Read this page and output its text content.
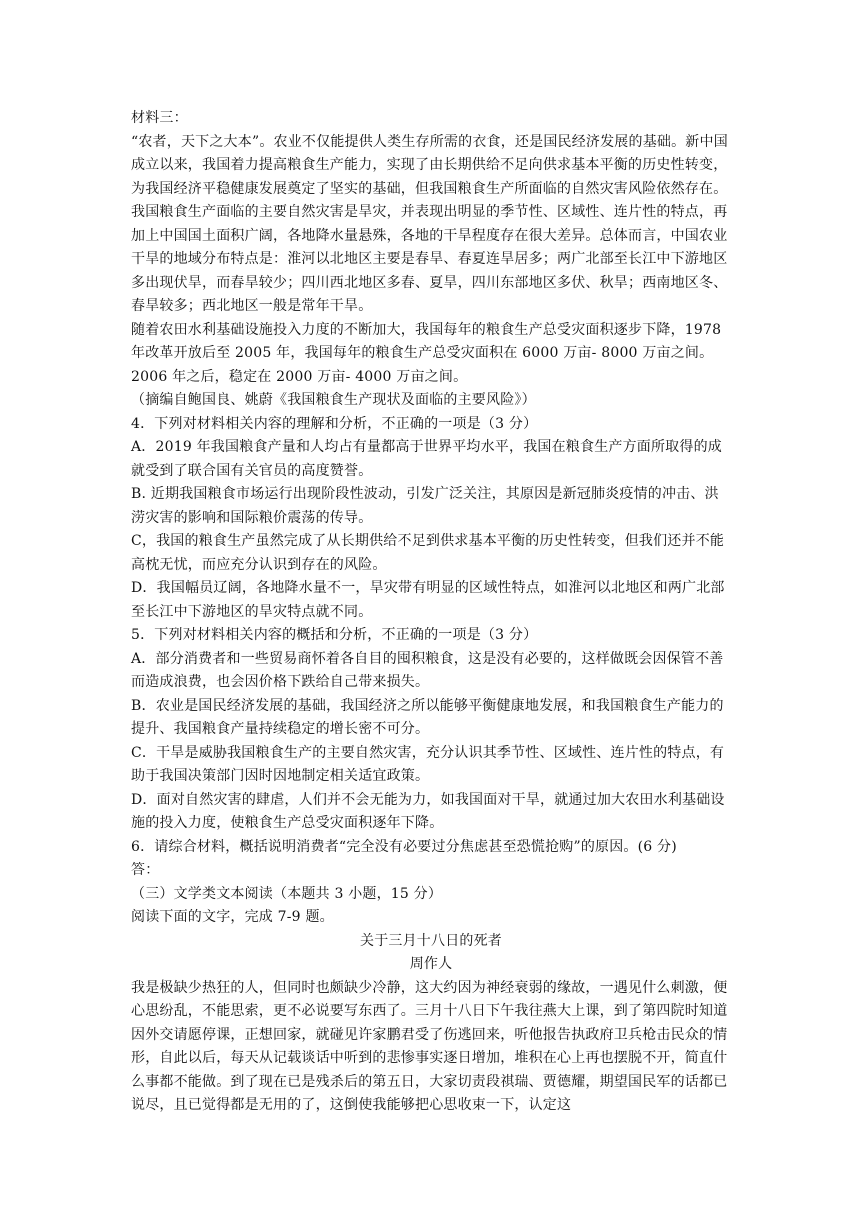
材料三：

“农者，天下之大本”。农业不仅能提供人类生存所需的衣食，还是国民经济发展的基础。新中国成立以来，我国着力提高粮食生产能力，实现了由长期供给不足向供求基本平衡的历史性转变，为我国经济平稳健康发展奠定了坚实的基础，但我国粮食生产所面临的自然灾害风险依然存在。

我国粮食生产面临的主要自然灾害是旱灾，并表现出明显的季节性、区域性、连片性的特点，再加上中国国土面积广阔，各地降水量悬殊，各地的干旱程度存在很大差异。总体而言，中国农业干旱的地域分布特点是：淮河以北地区主要是春旱、春夏连旱居多；两广北部至长江中下游地区多出现伏旱，而春旱较少；四川西北地区多春、夏旱，四川东部地区多伏、秋旱；西南地区冬、春旱较多；西北地区一般是常年干旱。

随着农田水利基础设施投入力度的不断加大，我国每年的粮食生产总受灾面积逐步下降，1978 年改革开放后至 2005 年，我国每年的粮食生产总受灾面积在 6000 万亩- 8000 万亩之间。2006 年之后，稳定在 2000 万亩- 4000 万亩之间。

（摘编自鲍国良、姚蔚《我国粮食生产现状及面临的主要风险》）

4．下列对材料相关内容的理解和分析，不正确的一项是（3 分）

A．2019 年我国粮食产量和人均占有量都高于世界平均水平，我国在粮食生产方面所取得的成就受到了联合国有关官员的高度赞誉。

B. 近期我国粮食市场运行出现阶段性波动，引发广泛关注，其原因是新冠肺炎疫情的冲击、洪涝灾害的影响和国际粮价震荡的传导。

C，我国的粮食生产虽然完成了从长期供给不足到供求基本平衡的历史性转变，但我们还并不能高枕无忧，而应充分认识到存在的风险。

D．我国幅员辽阔，各地降水量不一，旱灾带有明显的区域性特点，如淮河以北地区和两广北部至长江中下游地区的旱灾特点就不同。

5．下列对材料相关内容的概括和分析，不正确的一项是（3 分）

A．部分消费者和一些贸易商怀着各自目的囤积粮食，这是没有必要的，这样做既会因保管不善而造成浪费，也会因价格下跌给自己带来损失。

B．农业是国民经济发展的基础，我国经济之所以能够平衡健康地发展，和我国粮食生产能力的提升、我国粮食产量持续稳定的增长密不可分。

C．干旱是威胁我国粮食生产的主要自然灾害，充分认识其季节性、区域性、连片性的特点，有助于我国决策部门因时因地制定相关适宜政策。

D．面对自然灾害的肆虐，人们并不会无能为力，如我国面对干旱，就通过加大农田水利基础设施的投入力度，使粮食生产总受灾面积逐年下降。

6．请综合材料，概括说明消费者“完全没有必要过分焦虑甚至恐慌抢购”的原因。(6 分)

答：

（三）文学类文本阅读（本题共 3 小题，15 分）

阅读下面的文字，完成 7-9 题。

关于三月十八日的死者

周作人

我是极缺少热狂的人，但同时也颇缺少冷静，这大约因为神经衰弱的缘故，一遇见什么刺激，便心思纷乱，不能思索，更不必说要写东西了。三月十八日下午我往燕大上课，到了第四院时知道因外交请愿停课，正想回家，就碰见许家鹏君受了伤逃回来，听他报告执政府卫兵枪击民众的情形，自此以后，每天从记载谈话中听到的悲惨事实逐日增加，堆积在心上再也摆脱不开，简直什么事都不能做。到了现在已是残杀后的第五日，大家切责段祺瑞、贾德耀，期望国民军的话都已说尽，且已觉得都是无用的了，这倒使我能够把心思收束一下，认定这
